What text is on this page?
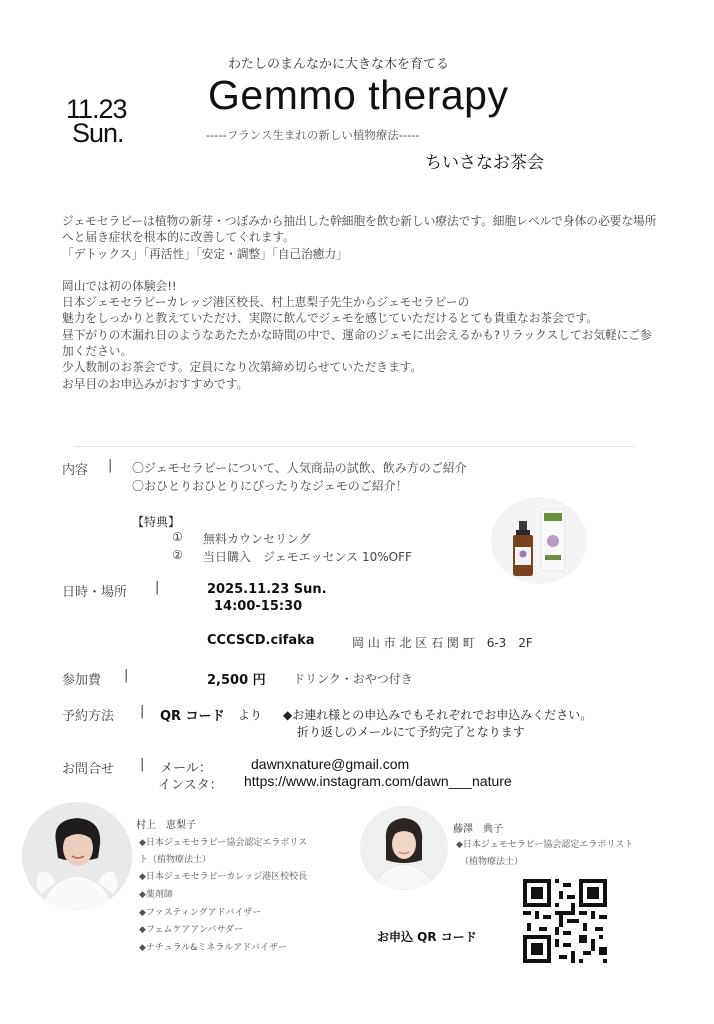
わたしのまんなかに大きな木を育てる
11.23
Sun.
Gemmo therapy
-----フランス生まれの新しい植物療法-----
ちいさなお茶会

ジェモセラピーは植物の新芽・つぼみから抽出した幹細胞を飲む新しい療法です。細胞レベルで身体の必要な場所へと届き症状を根本的に改善してくれます。

「デトックス」「再活性」「安定・調整」「自己治癒力」

岡山では初の体験会!!

日本ジェモセラピーカレッジ港区校長、村上恵梨子先生からジェモセラピーの

魅力をしっかりと教えていただけ、実際に飲んでジェモを感じていただけるとても貴重なお茶会です。

昼下がりの木漏れ日のようなあたたかな時間の中で、運命のジェモに出会えるかも?リラックスしてお気軽にご参加ください。

少人数制のお茶会です。定員になり次第締め切らせていただきます。

お早目のお申込みがおすすめです。

内容 | 〇ジェモセラピーについて、人気商品の試飲、飲み方のご紹介
〇おひとりおひとりにぴったりなジェモのご紹介！
【特典】
① 無料カウンセリング
② 当日購入　ジェモエッセンス 10%OFF
日時・場所 |	2025.11.23 Sun.
14:00-15:30
CCCSCD.cifaka	岡 山 市 北 区 石 関 町　6-3　2F
参加費 |	2,500 円 ドリンク・おやつ付き
予約方法 | QR コード より ◆お連れ様との申込みでもそれぞれでお申込みください。
折り返しのメールにて予約完了となります
お問合せ | メール：	dawnxnature@gmail.com
インスタ： https://www.instagram.com/dawn___nature
村上　恵梨子
◆日本ジェモセラピー協会認定エラボリス
ト（植物療法士）
◆日本ジェモセラピーカレッジ港区校校長
◆薬剤師
◆ファスティングアドバイザー
◆フェムケアアンバサダー
◆ナチュラル&ミネラルアドバイザー
藤澤　典子
◆日本ジェモセラピー協会認定エラボリスト
（植物療法士）
お申込 QR コード
